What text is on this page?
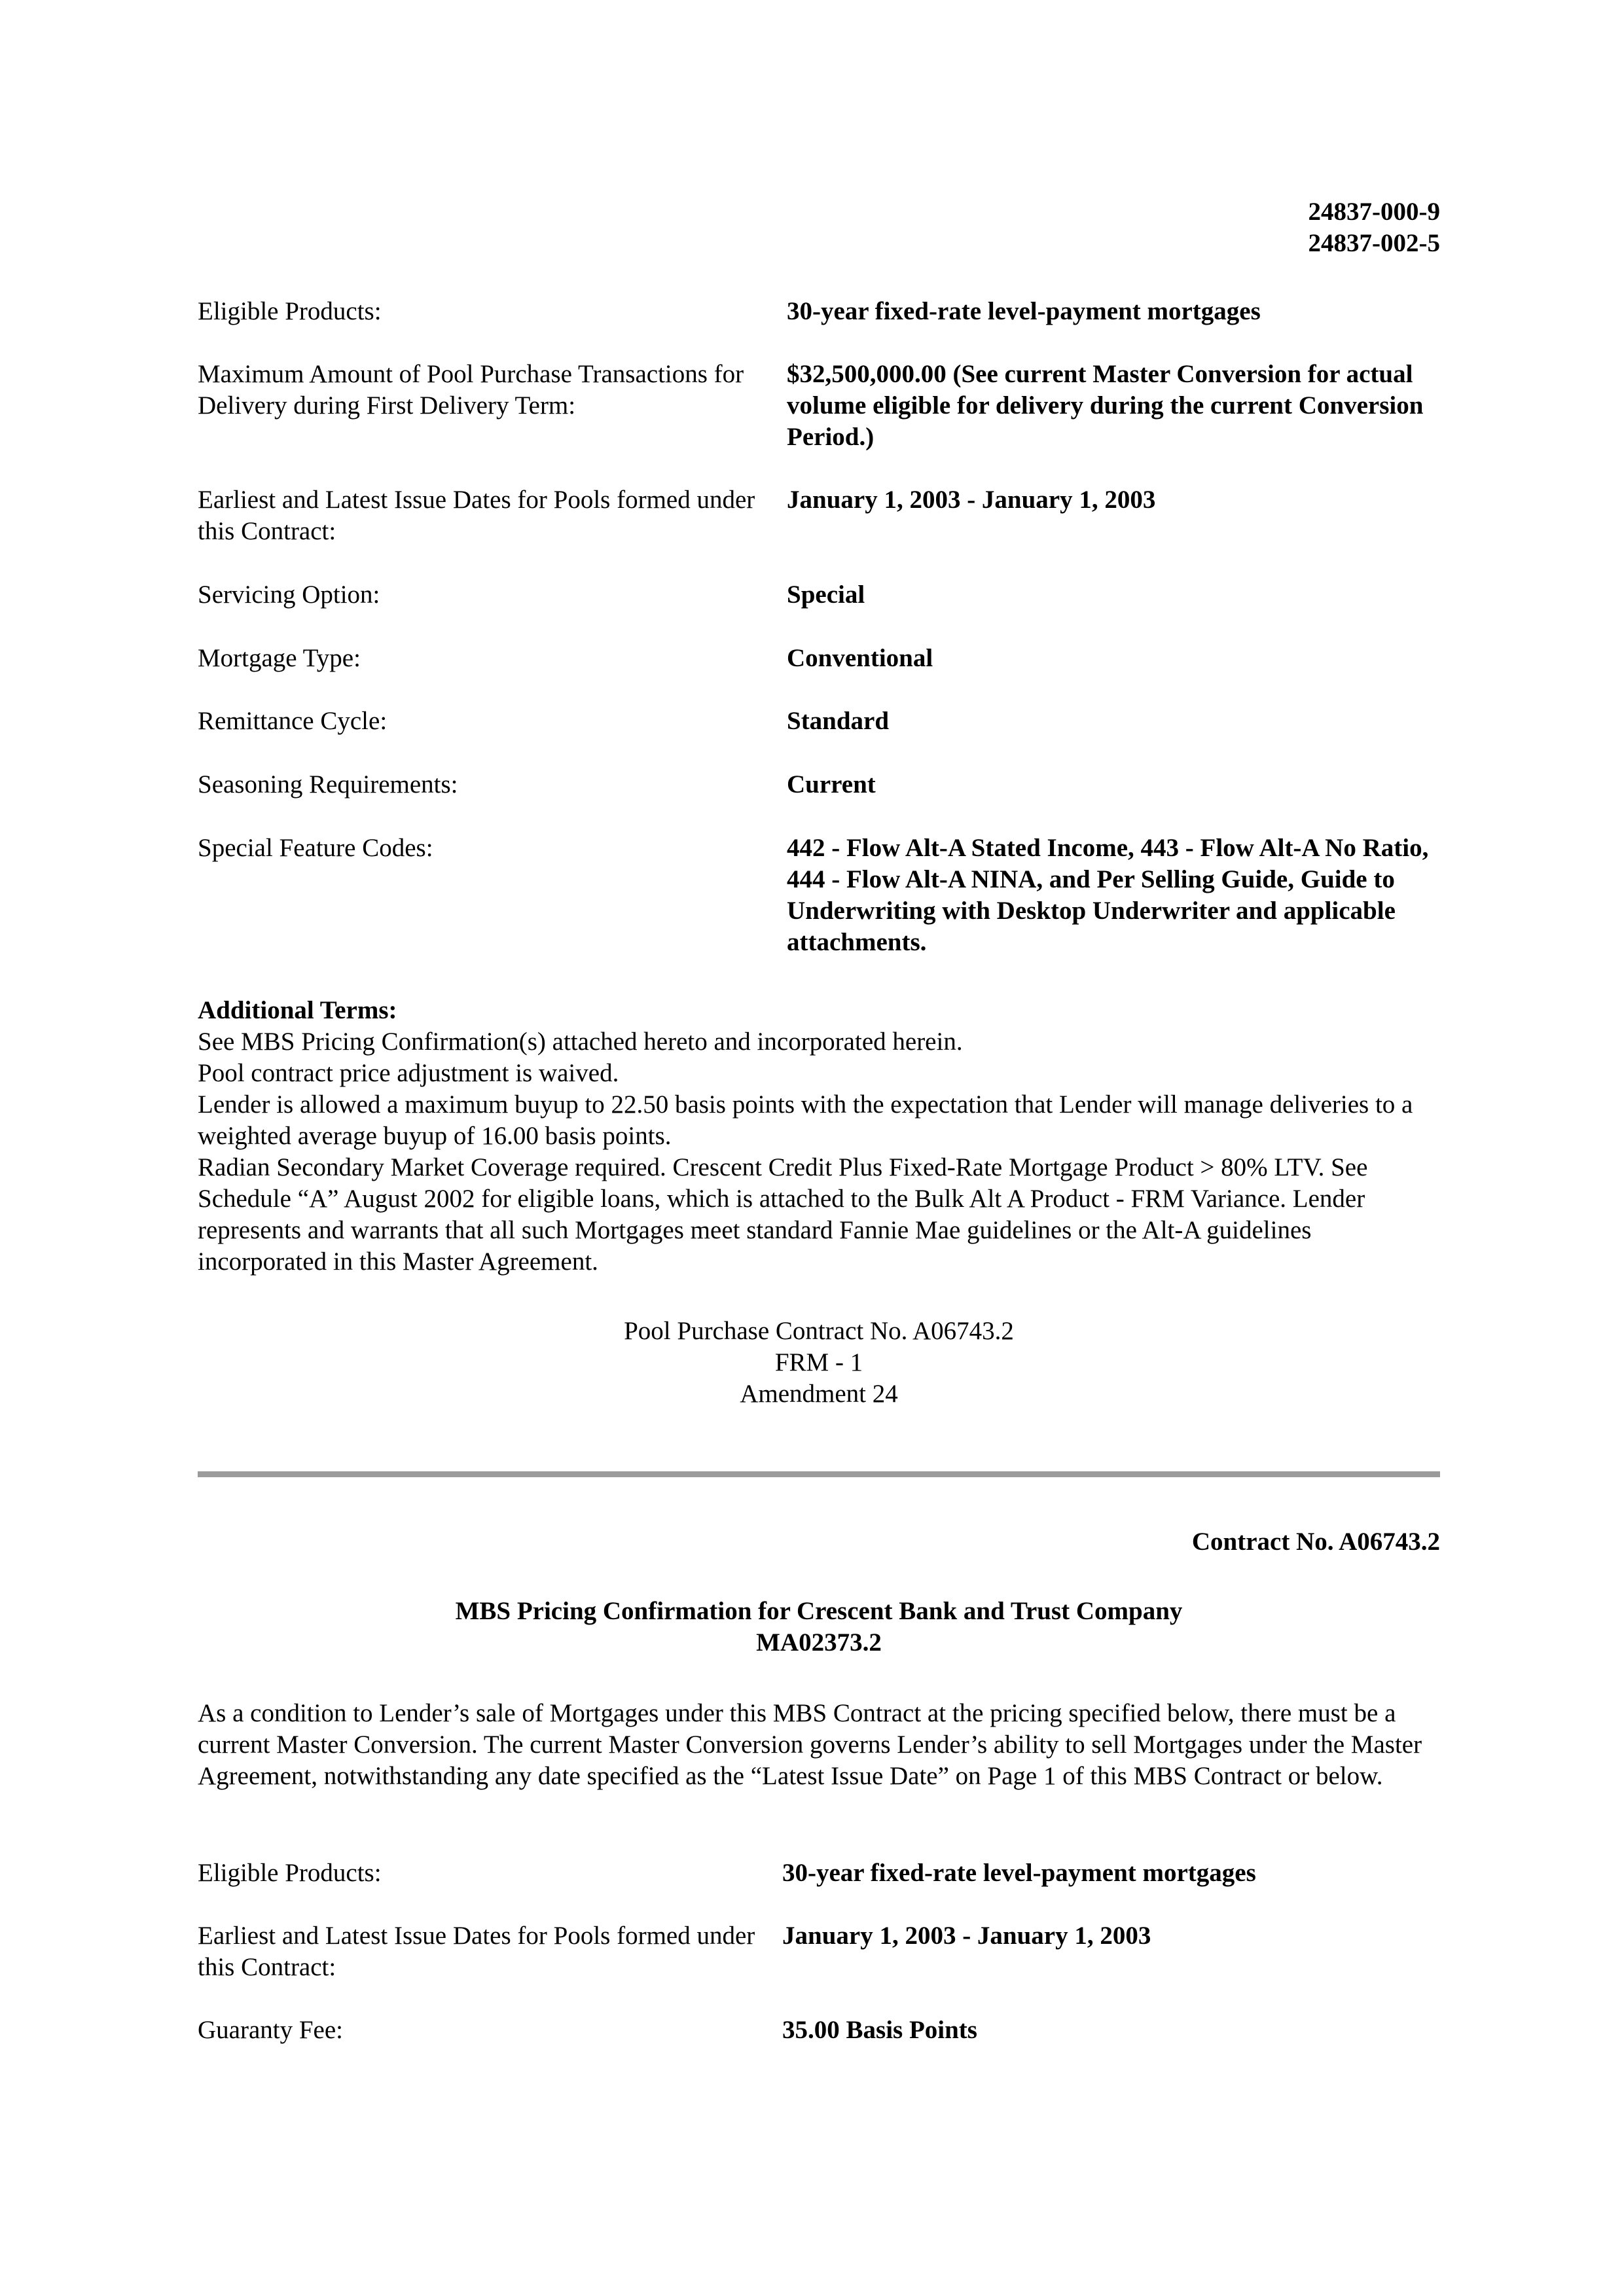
24837-000-9
24837-002-5
Eligible Products:	30-year fixed-rate level-payment mortgages
Maximum Amount of Pool Purchase Transactions for Delivery during First Delivery Term:
$32,500,000.00 (See current Master Conversion for actual volume eligible for delivery during the current Conversion Period.)
Earliest and Latest Issue Dates for Pools formed under this Contract:
January 1, 2003 - January 1, 2003
Servicing Option:	Special
Mortgage Type:	Conventional
Remittance Cycle:	Standard
Seasoning Requirements:	Current
Special Feature Codes:	442 - Flow Alt-A Stated Income, 443 - Flow Alt-A No Ratio, 444 - Flow Alt-A NINA, and Per Selling Guide, Guide to Underwriting with Desktop Underwriter and applicable attachments.

Additional Terms:

See MBS Pricing Confirmation(s) attached hereto and incorporated herein.

Pool contract price adjustment is waived.

Lender is allowed a maximum buyup to 22.50 basis points with the expectation that Lender will manage deliveries to a weighted average buyup of 16.00 basis points.

Radian Secondary Market Coverage required. Crescent Credit Plus Fixed-Rate Mortgage Product > 80% LTV. See Schedule “A” August 2002 for eligible loans, which is attached to the Bulk Alt A Product - FRM Variance. Lender represents and warrants that all such Mortgages meet standard Fannie Mae guidelines or the Alt-A guidelines incorporated in this Master Agreement.

Pool Purchase Contract No. A06743.2

FRM - 1

Amendment 24

Contract No. A06743.2

MBS Pricing Confirmation for Crescent Bank and Trust Company

MA02373.2

As a condition to Lender’s sale of Mortgages under this MBS Contract at the pricing specified below, there must be a current Master Conversion. The current Master Conversion governs Lender’s ability to sell Mortgages under the Master Agreement, notwithstanding any date specified as the “Latest Issue Date” on Page 1 of this MBS Contract or below.
Eligible Products:	30-year fixed-rate level-payment mortgages
Earliest and Latest Issue Dates for Pools formed under this Contract:
January 1, 2003 - January 1, 2003
Guaranty Fee:	35.00 Basis Points
